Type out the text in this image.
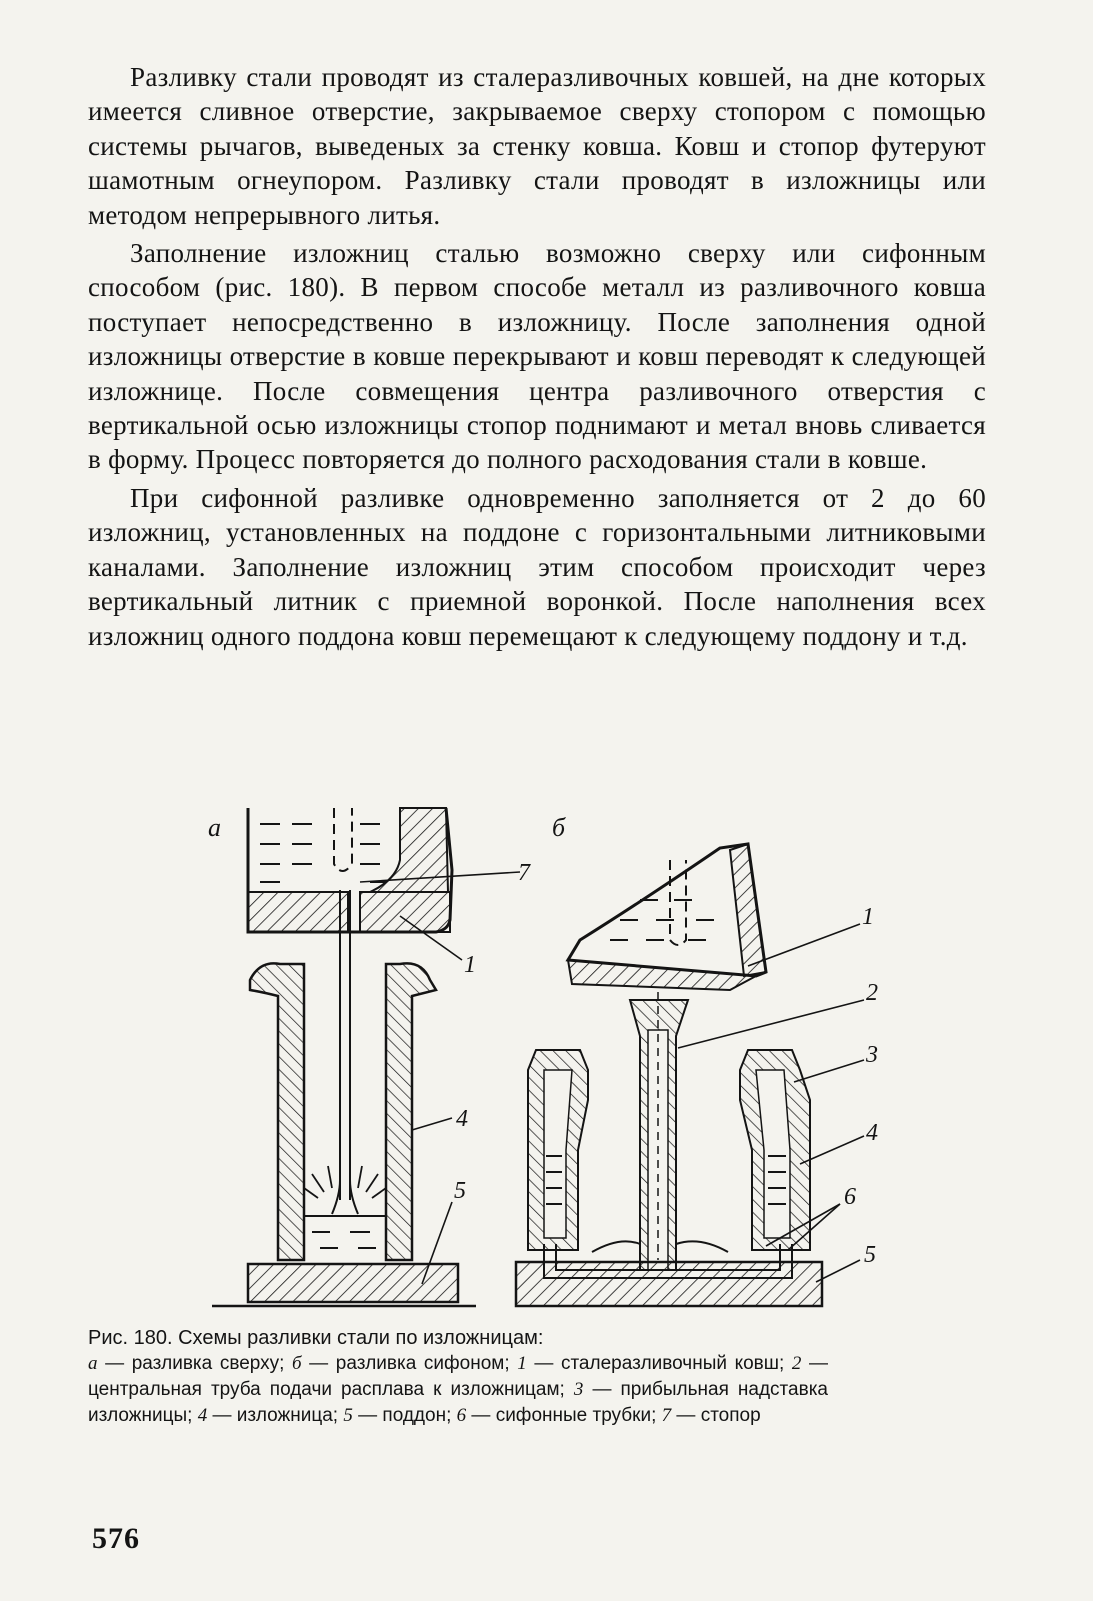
Разливку стали проводят из сталеразливочных ковшей, на дне которых имеется сливное отверстие, закрываемое сверху стопором с помощью системы рычагов, выведеных за стенку ковша. Ковш и стопор футеруют шамотным огнеупором. Разливку стали проводят в изложницы или методом непрерывного литья.

Заполнение изложниц сталью возможно сверху или сифонным способом (рис. 180). В первом способе металл из разливочного ковша поступает непосредственно в изложницу. После заполнения одной изложницы отверстие в ковше перекрывают и ковш переводят к следующей изложнице. После совмещения центра разливочного отверстия с вертикальной осью изложницы стопор поднимают и метал вновь сливается в форму. Процесс повторяется до полного расходования стали в ковше.

При сифонной разливке одновременно заполняется от 2 до 60 изложниц, установленных на поддоне с горизонтальными литниковыми каналами. Заполнение изложниц этим способом происходит через вертикальный литник с приемной воронкой. После наполнения всех изложниц одного поддона ковш перемещают к следующему поддону и т.д.

а
1
4
5
7
б
1
2
3
4
6
5
Рис. 180. Схемы разливки стали по изложницам:
а — разливка сверху; б — разливка сифоном; 1 — сталеразливочный ковш; 2 — центральная труба подачи расплава к изложницам; 3 — прибыльная надставка изложницы; 4 — изложница; 5 — поддон; 6 — сифонные трубки; 7 — стопор
576
